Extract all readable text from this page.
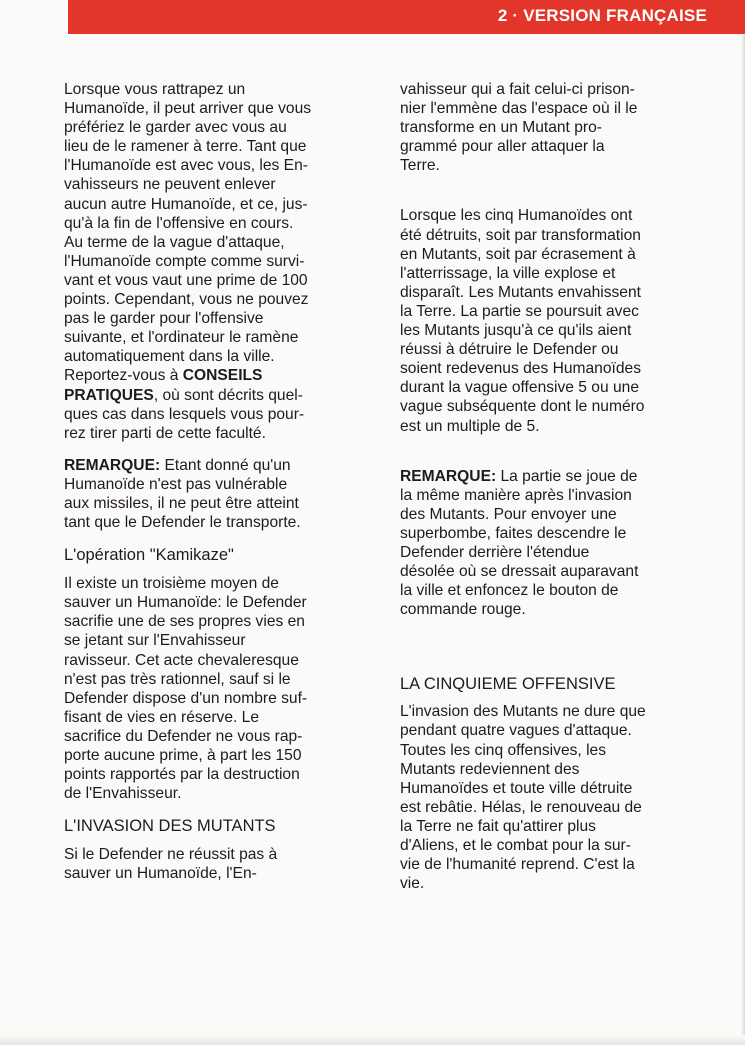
2 · VERSION FRANÇAISE
Lorsque vous rattrapez un
Humanoïde, il peut arriver que vous
préfériez le garder avec vous au
lieu de le ramener à terre. Tant que
l'Humanoïde est avec vous, les En-
vahisseurs ne peuvent enlever
aucun autre Humanoïde, et ce, jus-
qu'à la fin de l'offensive en cours.
Au terme de la vague d'attaque,
l'Humanoïde compte comme survi-
vant et vous vaut une prime de 100
points. Cependant, vous ne pouvez
pas le garder pour l'offensive
suivante, et l'ordinateur le ramène
automatiquement dans la ville.
Reportez-vous à CONSEILS
PRATIQUES, où sont décrits quel-
ques cas dans lesquels vous pour-
rez tirer parti de cette faculté.
REMARQUE: Etant donné qu'un
Humanoïde n'est pas vulnérable
aux missiles, il ne peut être atteint
tant que le Defender le transporte.
L'opération "Kamikaze"
Il existe un troisième moyen de
sauver un Humanoïde: le Defender
sacrifie une de ses propres vies en
se jetant sur l'Envahisseur
ravisseur. Cet acte chevaleresque
n'est pas très rationnel, sauf si le
Defender dispose d'un nombre suf-
fisant de vies en réserve. Le
sacrifice du Defender ne vous rap-
porte aucune prime, à part les 150
points rapportés par la destruction
de l'Envahisseur.
L'INVASION DES MUTANTS
Si le Defender ne réussit pas à
sauver un Humanoïde, l'En-
vahisseur qui a fait celui-ci prison-
nier l'emmène das l'espace où il le
transforme en un Mutant pro-
grammé pour aller attaquer la
Terre.
Lorsque les cinq Humanoïdes ont
été détruits, soit par transformation
en Mutants, soit par écrasement à
l'atterrissage, la ville explose et
disparaît. Les Mutants envahissent
la Terre. La partie se poursuit avec
les Mutants jusqu'à ce qu'ils aient
réussi à détruire le Defender ou
soient redevenus des Humanoïdes
durant la vague offensive 5 ou une
vague subséquente dont le numéro
est un multiple de 5.
REMARQUE: La partie se joue de
la même manière après l'invasion
des Mutants. Pour envoyer une
superbombe, faites descendre le
Defender derrière l'étendue
désolée où se dressait auparavant
la ville et enfoncez le bouton de
commande rouge.
LA CINQUIEME OFFENSIVE
L'invasion des Mutants ne dure que
pendant quatre vagues d'attaque.
Toutes les cinq offensives, les
Mutants redeviennent des
Humanoïdes et toute ville détruite
est rebâtie. Hélas, le renouveau de
la Terre ne fait qu'attirer plus
d'Aliens, et le combat pour la sur-
vie de l'humanité reprend. C'est la
vie.
